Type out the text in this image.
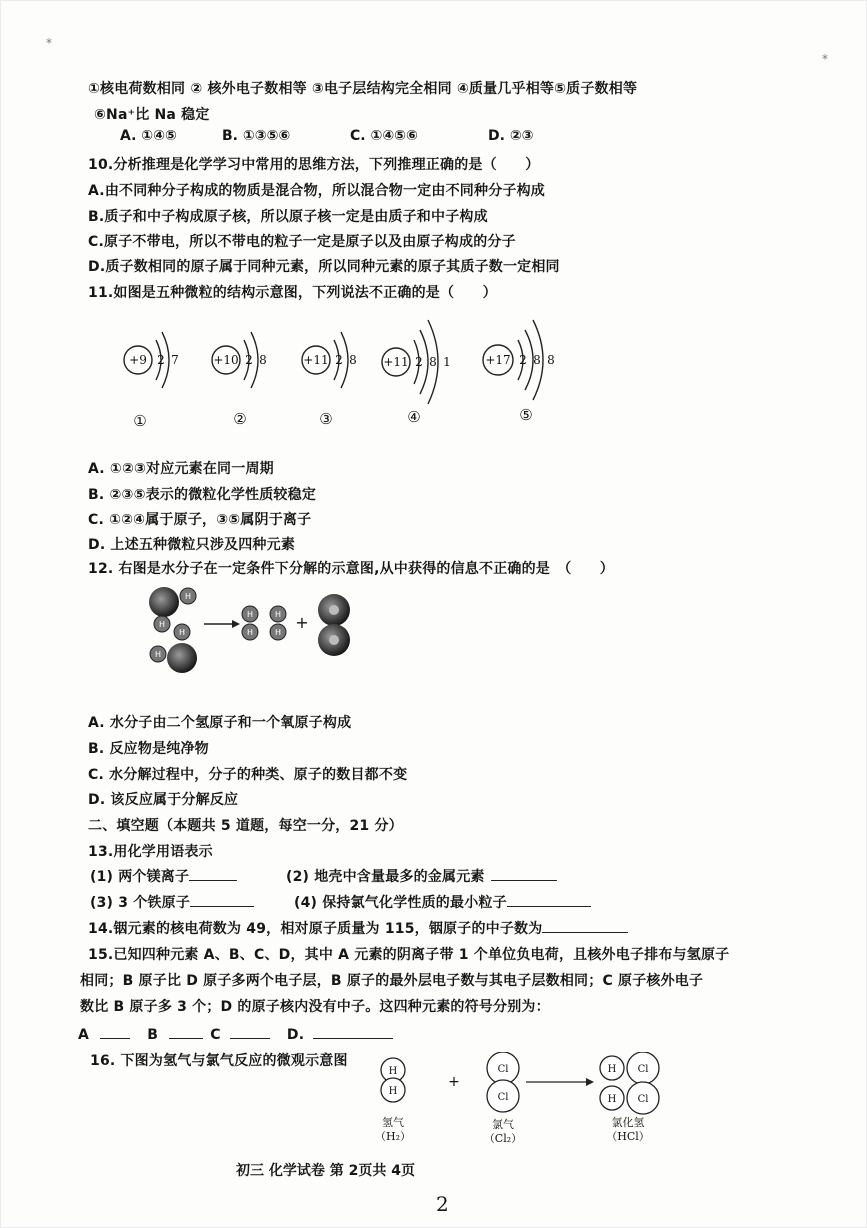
*
*
①核电荷数相同 ② 核外电子数相等 ③电子层结构完全相同 ④质量几乎相等⑤质子数相等
⑥Na⁺比 Na 稳定
A. ①④⑤	B. ①③⑤⑥	C. ①④⑤⑥	D. ②③
10.分析推理是化学学习中常用的思维方法，下列推理正确的是（　　）
A.由不同种分子构成的物质是混合物，所以混合物一定由不同种分子构成
B.质子和中子构成原子核，所以原子核一定是由质子和中子构成
C.原子不带电，所以不带电的粒子一定是原子以及由原子构成的分子
D.质子数相同的原子属于同种元素，所以同种元素的原子其质子数一定相同
11.如图是五种微粒的结构示意图，下列说法不正确的是（　　）
+9 2 7	+10 2 8	+11 2 8 +11 2 8 1	+17 2 8 8
①	②	③	④	⑤
A. ①②③对应元素在同一周期
B. ②③⑤表示的微粒化学性质较稳定
C. ①②④属于原子，③⑤属阴于离子
D. 上述五种微粒只涉及四种元素
12. 右图是水分子在一定条件下分解的示意图,从中获得的信息不正确的是　（　　）
H
H
H
H
H
H
H
H
+
A. 水分子由二个氢原子和一个氧原子构成
B. 反应物是纯净物
C. 水分解过程中，分子的种类、原子的数目都不变
D. 该反应属于分解反应
二、填空题（本题共 5 道题，每空一分，21 分）
13.用化学用语表示
(1) 两个镁离子	(2) 地壳中含量最多的金属元素
(3) 3 个铁原子	(4) 保持氯气化学性质的最小粒子
14.铟元素的核电荷数为 49，相对原子质量为 115，铟原子的中子数为
15.已知四种元素 A、B、C、D，其中 A 元素的阴离子带 1 个单位负电荷，且核外电子排布与氢原子
相同；B 原子比 D 原子多两个电子层，B 原子的最外层电子数与其电子层数相同；C 原子核外电子
数比 B 原子多 3 个；D 的原子核内没有中子。这四种元素的符号分别为：
A	B	C	D.
16. 下图为氢气与氯气反应的微观示意图
H
H
Cl
Cl
H Cl
H Cl
+
氢气
（H₂）
氯气
（Cl₂）
氯化氢
（HCl）
初三 化学试卷 第 2页共 4页
2
